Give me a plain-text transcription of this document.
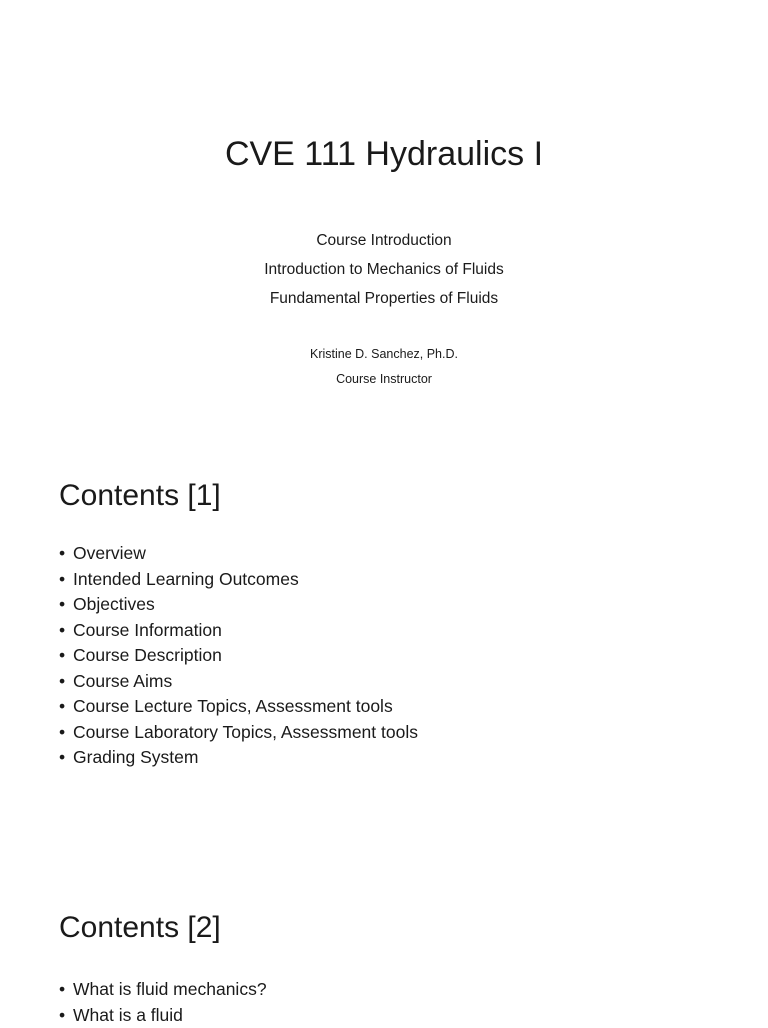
CVE 111 Hydraulics I
Course Introduction
Introduction to Mechanics of Fluids
Fundamental Properties of Fluids
Kristine D. Sanchez, Ph.D.
Course Instructor
Contents [1]
• Overview
• Intended Learning Outcomes
• Objectives
• Course Information
• Course Description
• Course Aims
• Course Lecture Topics, Assessment tools
• Course Laboratory Topics, Assessment tools
• Grading System
Contents [2]
• What is fluid mechanics?
• What is a fluid
